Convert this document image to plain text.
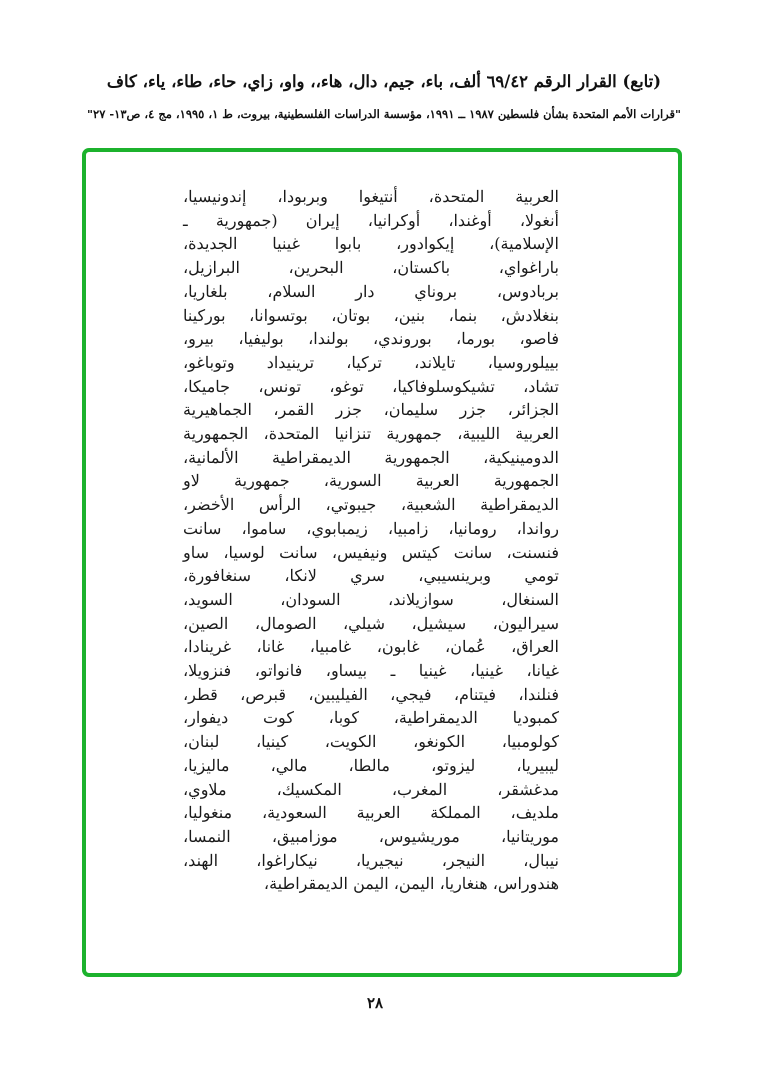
(تابع) القرار الرقم ٦٩/٤٢ ألف، باء، جيم، دال، هاء،، واو، زاي، حاء، طاء، ياء، كاف
"قرارات الأمم المتحدة بشأن فلسطين ١٩٨٧ ــ ١٩٩١، مؤسسة الدراسات الفلسطينية، بيروت، ط ١، ١٩٩٥، مج ٤، ص١٣- ٢٧"
العربية المتحدة، أنتيغوا وبربودا، إندونيسيا،
أنغولا، أوغندا، أوكرانيا، إيران (جمهورية ـ
الإسلامية)، إيكوادور، بابوا غينيا الجديدة،
باراغواي، باكستان، البحرين، البرازيل،
بربادوس، بروناي دار السلام، بلغاريا،
بنغلادش، بنما، بنين، بوتان، بوتسوانا، بوركينا
فاصو، بورما، بوروندي، بولندا، بوليفيا، بيرو،
بييلوروسيا، تايلاند، تركيا، ترينيداد وتوباغو،
تشاد، تشيكوسلوفاكيا، توغو، تونس، جاميكا،
الجزائر، جزر سليمان، جزر القمر، الجماهيرية
العربية الليبية، جمهورية تنزانيا المتحدة، الجمهورية
الدومينيكية، الجمهورية الديمقراطية الألمانية،
الجمهورية العربية السورية، جمهورية لاو
الديمقراطية الشعبية، جيبوتي، الرأس الأخضر،
رواندا، رومانيا، زامبيا، زيمبابوي، ساموا، سانت
فنسنت، سانت كيتس ونيفيس، سانت لوسيا، ساو
تومي وبرينسيبي، سري لانكا، سنغافورة،
السنغال، سوازيلاند، السودان، السويد،
سيراليون، سيشيل، شيلي، الصومال، الصين،
العراق، عُمان، غابون، غامبيا، غانا، غرينادا،
غيانا، غينيا، غينيا ـ بيساو، فانواتو، فنزويلا،
فنلندا، فيتنام، فيجي، الفيليبين، قبرص، قطر،
كمبوديا الديمقراطية، كوبا، كوت ديفوار،
كولومبيا، الكونغو، الكويت، كينيا، لبنان،
ليبيريا، ليزوتو، مالطا، مالي، ماليزيا،
مدغشقر، المغرب، المكسيك، ملاوي،
ملديف، المملكة العربية السعودية، منغوليا،
موريتانيا، موريشيوس، موزامبيق، النمسا،
نيبال، النيجر، نيجيريا، نيكاراغوا، الهند،
هندوراس، هنغاريا، اليمن، اليمن الديمقراطية،
٢٨
